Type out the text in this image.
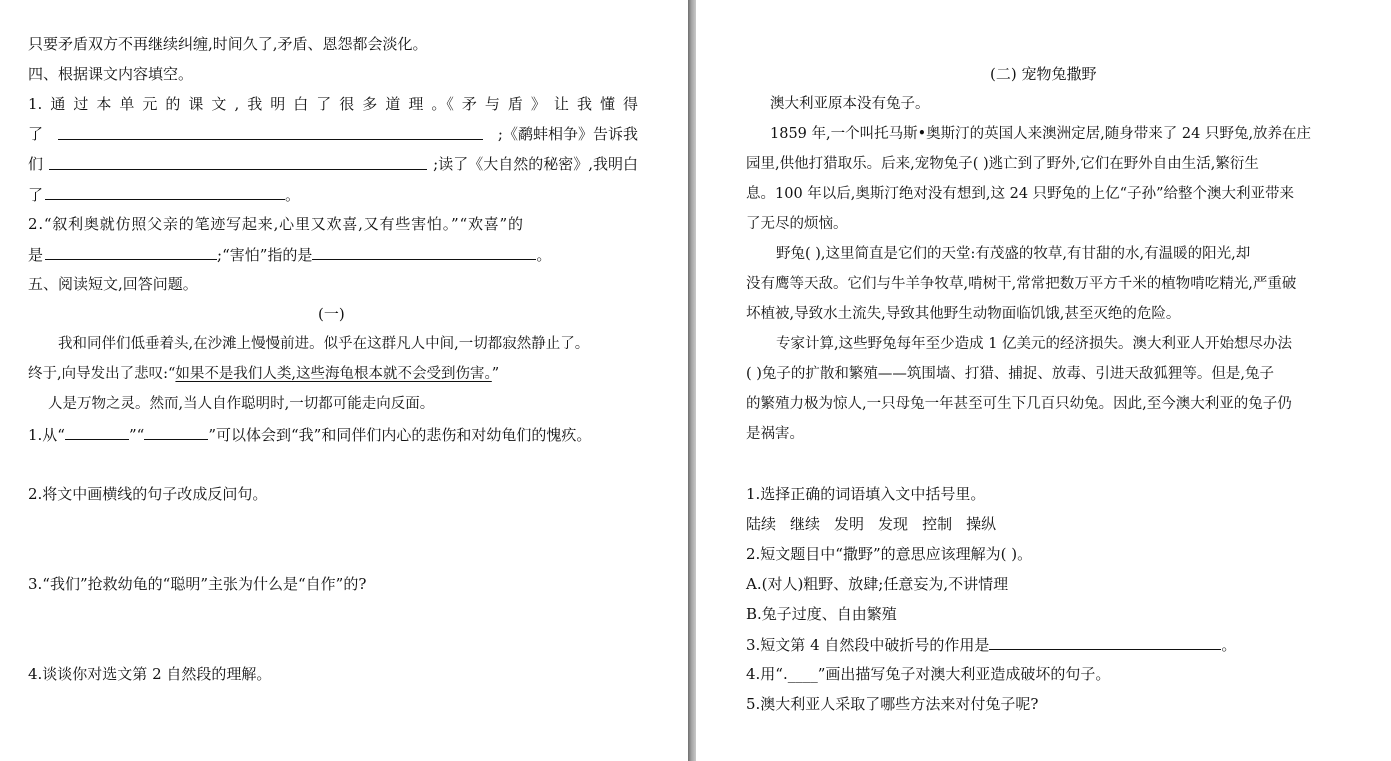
只要矛盾双方不再继续纠缠,时间久了,矛盾、恩怨都会淡化。
四、根据课文内容填空。
1. 通 过 本 单 元 的 课 文 , 我 明 白 了 很 多 道 理 。《 矛 与 盾 》 让 我 懂 得
了	;《鹬蚌相争》告诉我
们	;读了《大自然的秘密》,我明白
了	。
2.“叙利奥就仿照父亲的笔迹写起来,心里又欢喜,又有些害怕。”“欢喜”的
是	;“害怕”指的是	。
五、阅读短文,回答问题。
(一)
我和同伴们低垂着头,在沙滩上慢慢前进。似乎在这群凡人中间,一切都寂然静止了。
终于,向导发出了悲叹:“如果不是我们人类,这些海龟根本就不会受到伤害。”
人是万物之灵。然而,当人自作聪明时,一切都可能走向反面。
1.从“	”“	”可以体会到“我”和同伴们内心的悲伤和对幼龟们的愧疚。
2.将文中画横线的句子改成反问句。
3.“我们”抢救幼龟的“聪明”主张为什么是“自作”的?
4.谈谈你对选文第 2 自然段的理解。
(二) 宠物兔撒野
澳大利亚原本没有兔子。
1859 年,一个叫托马斯•奥斯汀的英国人来澳洲定居,随身带来了 24 只野兔,放养在庄
园里,供他打猎取乐。后来,宠物兔子( )逃亡到了野外,它们在野外自由生活,繁衍生
息。100 年以后,奥斯汀绝对没有想到,这 24 只野兔的上亿“子孙”给整个澳大利亚带来
了无尽的烦恼。
野兔( ),这里简直是它们的天堂:有茂盛的牧草,有甘甜的水,有温暖的阳光,却
没有鹰等天敌。它们与牛羊争牧草,啃树干,常常把数万平方千米的植物啃吃精光,严重破
坏植被,导致水土流失,导致其他野生动物面临饥饿,甚至灭绝的危险。
专家计算,这些野兔每年至少造成 1 亿美元的经济损失。澳大利亚人开始想尽办法
( )兔子的扩散和繁殖——筑围墙、打猎、捕捉、放毒、引进天敌狐狸等。但是,兔子
的繁殖力极为惊人,一只母兔一年甚至可生下几百只幼兔。因此,至今澳大利亚的兔子仍
是祸害。
1.选择正确的词语填入文中括号里。
陆续 继续 发明 发现 控制 操纵
2.短文题目中“撒野”的意思应该理解为( )。
A.(对人)粗野、放肆;任意妄为,不讲情理
B.兔子过度、自由繁殖
3.短文第 4 自然段中破折号的作用是	。
4.用“.____”画出描写兔子对澳大利亚造成破坏的句子。
5.澳大利亚人采取了哪些方法来对付兔子呢?
